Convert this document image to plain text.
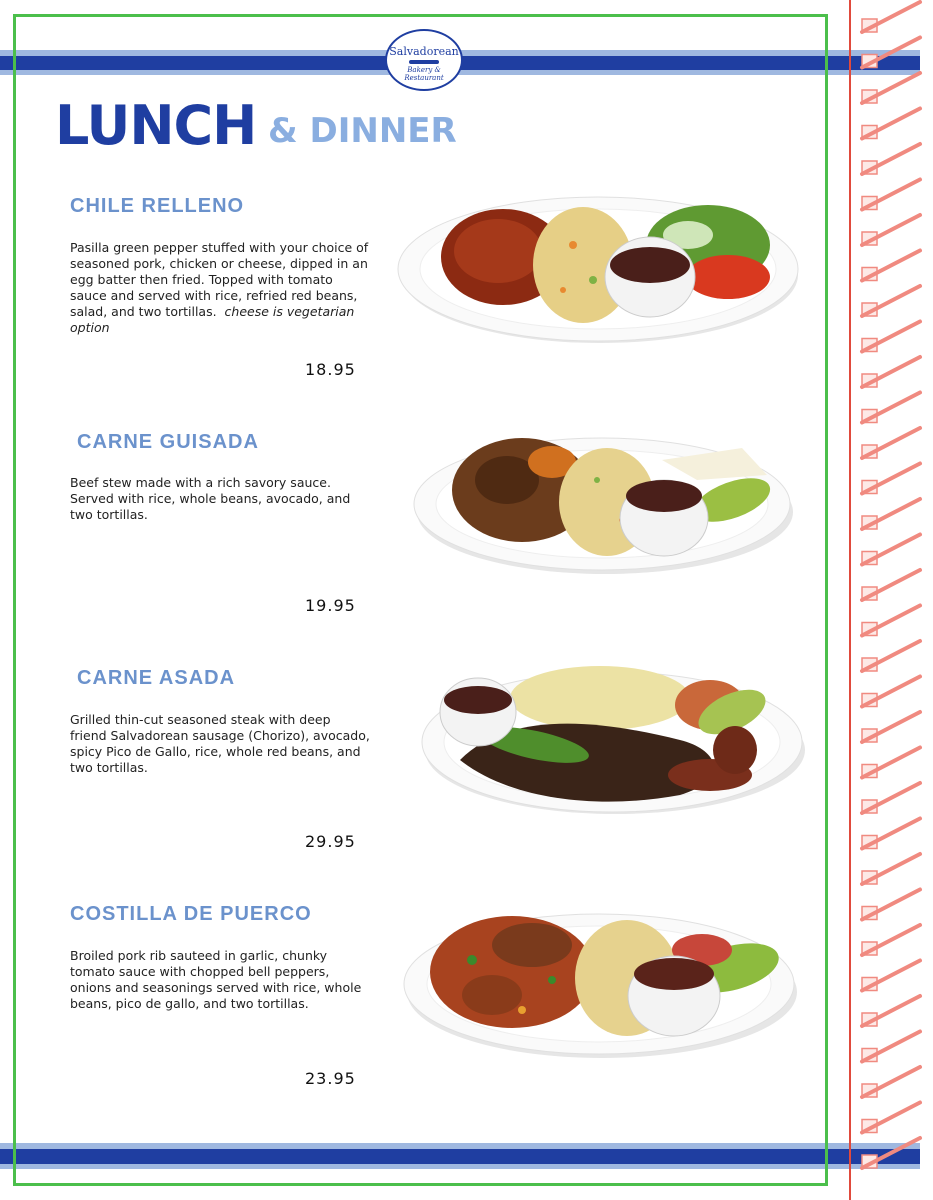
Salvadorean
Bakery & Restaurant
LUNCH & DINNER
CHILE RELLENO
Pasilla green pepper stuffed with your choice of seasoned pork, chicken or cheese, dipped in an egg batter then fried. Topped with tomato sauce and served with rice, refried red beans, salad, and two tortillas. cheese is vegetarian option
18.95
CARNE GUISADA
Beef stew made with a rich savory sauce. Served with rice, whole beans, avocado, and two tortillas.
19.95
CARNE ASADA
Grilled thin-cut seasoned steak with deep friend Salvadorean sausage (Chorizo), avocado, spicy Pico de Gallo, rice, whole red beans, and two tortillas.
29.95
COSTILLA DE PUERCO
Broiled pork rib sauteed in garlic, chunky tomato sauce with chopped bell peppers, onions and seasonings served with rice, whole beans, pico de gallo, and two tortillas.
23.95
